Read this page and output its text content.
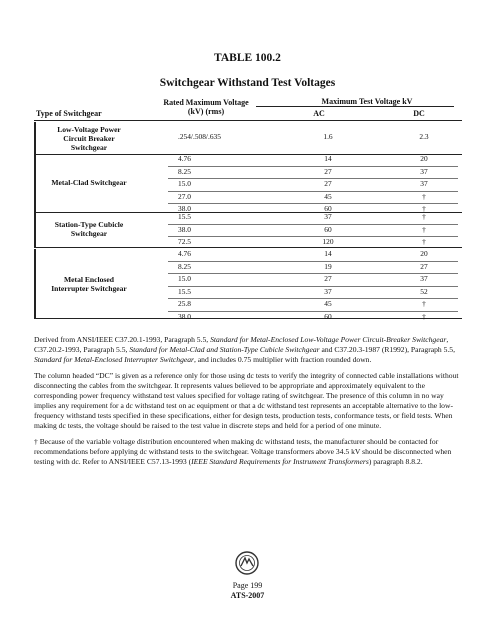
TABLE 100.2
Switchgear Withstand Test Voltages
Type of Switchgear
Rated Maximum Voltage
(kV) (rms)
Maximum Test Voltage kV
AC	DC
Low-Voltage Power
Circuit Breaker
Switchgear
.254/.508/.635	1.6	2.3
Metal-Clad Switchgear
4.76	14	20
8.25	27	37
15.0	27	37
27.0	45	†
38.0	60	†
Station-Type Cubicle
Switchgear
15.5	37	†
38.0	60	†
72.5	120	†
Metal Enclosed
Interrupter Switchgear
4.76	14	20
8.25	19	27
15.0	27	37
15.5	37	52
25.8	45	†
38.0	60	†

Derived from ANSI/IEEE C37.20.1-1993, Paragraph 5.5, Standard for Metal-Enclosed Low-Voltage Power Circuit-Breaker Switchgear, C37.20.2-1993, Paragraph 5.5, Standard for Metal-Clad and Station-Type Cubicle Switchgear and C37.20.3-1987 (R1992), Paragraph 5.5, Standard for Metal-Enclosed Interrupter Switchgear, and includes 0.75 multiplier with fraction rounded down.

The column headed “DC” is given as a reference only for those using dc tests to verify the integrity of connected cable installations without disconnecting the cables from the switchgear. It represents values believed to be appropriate and approximately equivalent to the corresponding power frequency withstand test values specified for voltage rating of switchgear. The presence of this column in no way implies any requirement for a dc withstand test on ac equipment or that a dc withstand test represents an acceptable alternative to the low-frequency withstand tests specified in these specifications, either for design tests, production tests, conformance tests, or field tests. When making dc tests, the voltage should be raised to the test value in discrete steps and held for a period of one minute.

† Because of the variable voltage distribution encountered when making dc withstand tests, the manufacturer should be contacted for recommendations before applying dc withstand tests to the switchgear. Voltage transformers above 34.5 kV should be disconnected when testing with dc. Refer to ANSI/IEEE C57.13-1993 (IEEE Standard Requirements for Instrument Transformers) paragraph 8.8.2.

Page 199
ATS-2007
